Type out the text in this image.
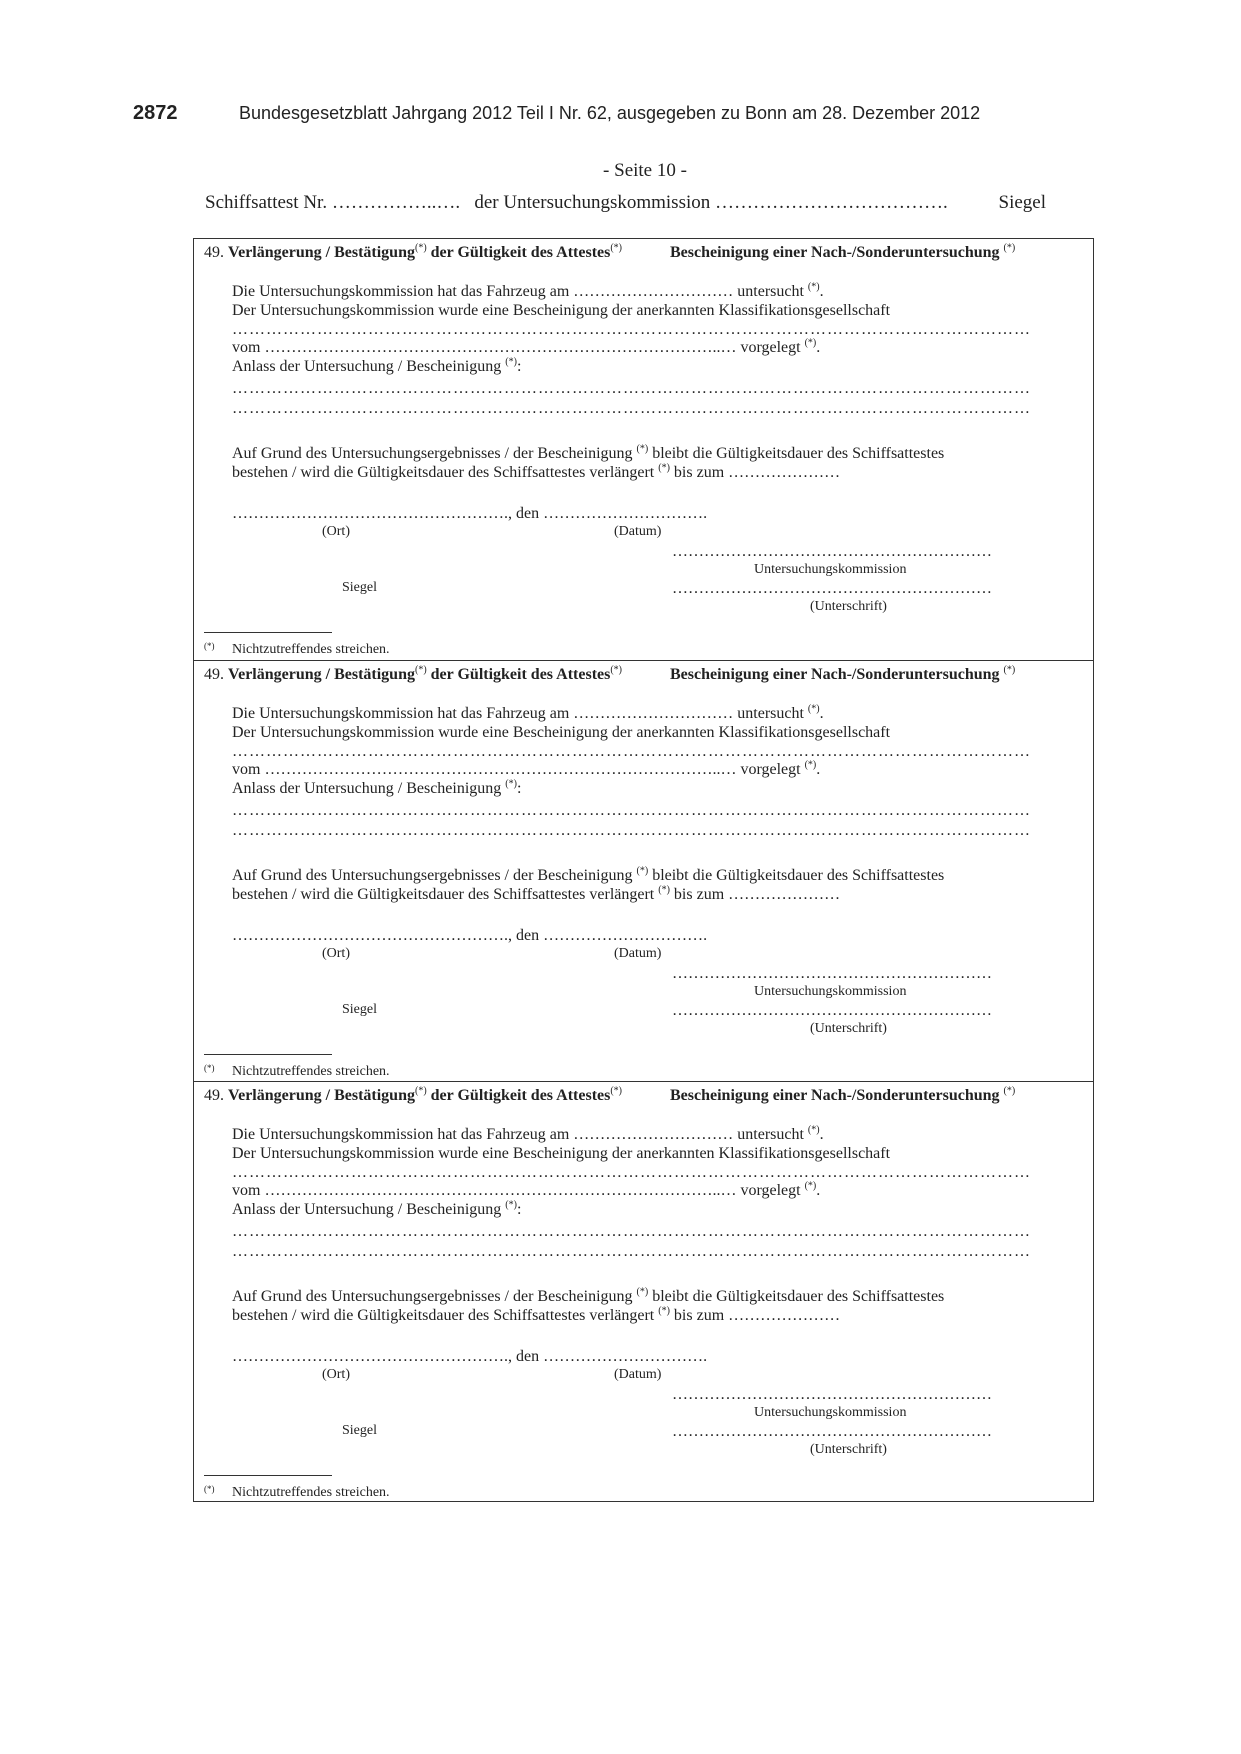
2872	Bundesgesetzblatt Jahrgang 2012 Teil I Nr. 62, ausgegeben zu Bonn am 28. Dezember 2012
- Seite 10 -
Schiffsattest Nr. ……………..…. der Untersuchungskommission ……………………………….	Siegel
49. Verlängerung / Bestätigung(*) der Gültigkeit des Attestes(*)	Bescheinigung einer Nach-/Sonderuntersuchung (*)
Die Untersuchungskommission hat das Fahrzeug am ………………………… untersucht (*).
Der Untersuchungskommission wurde eine Bescheinigung der anerkannten Klassifikationsgesellschaft
……………………………………………………………………………………………………………………………
vom …………………………………………………………………………..… vorgelegt (*).
Anlass der Untersuchung / Bescheinigung (*):
……………………………………………………………………………………………………………………………
……………………………………………………………………………………………………………………………
Auf Grund des Untersuchungsergebnisses / der Bescheinigung (*) bleibt die Gültigkeitsdauer des Schiffsattestes
bestehen / wird die Gültigkeitsdauer des Schiffsattestes verlängert (*) bis zum …………………
……………………………………………., den ………………………….
(Ort)	(Datum)
……………………………………………………
Untersuchungskommission
Siegel	……………………………………………………
(Unterschrift)
(*) Nichtzutreffendes streichen.
49. Verlängerung / Bestätigung(*) der Gültigkeit des Attestes(*)	Bescheinigung einer Nach-/Sonderuntersuchung (*)
Die Untersuchungskommission hat das Fahrzeug am ………………………… untersucht (*).
Der Untersuchungskommission wurde eine Bescheinigung der anerkannten Klassifikationsgesellschaft
……………………………………………………………………………………………………………………………
vom …………………………………………………………………………..… vorgelegt (*).
Anlass der Untersuchung / Bescheinigung (*):
……………………………………………………………………………………………………………………………
……………………………………………………………………………………………………………………………
Auf Grund des Untersuchungsergebnisses / der Bescheinigung (*) bleibt die Gültigkeitsdauer des Schiffsattestes
bestehen / wird die Gültigkeitsdauer des Schiffsattestes verlängert (*) bis zum …………………
……………………………………………., den ………………………….
(Ort)	(Datum)
……………………………………………………
Untersuchungskommission
Siegel	……………………………………………………
(Unterschrift)
(*) Nichtzutreffendes streichen.
49. Verlängerung / Bestätigung(*) der Gültigkeit des Attestes(*)	Bescheinigung einer Nach-/Sonderuntersuchung (*)
Die Untersuchungskommission hat das Fahrzeug am ………………………… untersucht (*).
Der Untersuchungskommission wurde eine Bescheinigung der anerkannten Klassifikationsgesellschaft
……………………………………………………………………………………………………………………………
vom …………………………………………………………………………..… vorgelegt (*).
Anlass der Untersuchung / Bescheinigung (*):
……………………………………………………………………………………………………………………………
……………………………………………………………………………………………………………………………
Auf Grund des Untersuchungsergebnisses / der Bescheinigung (*) bleibt die Gültigkeitsdauer des Schiffsattestes
bestehen / wird die Gültigkeitsdauer des Schiffsattestes verlängert (*) bis zum …………………
……………………………………………., den ………………………….
(Ort)	(Datum)
……………………………………………………
Untersuchungskommission
Siegel	……………………………………………………
(Unterschrift)
(*) Nichtzutreffendes streichen.
